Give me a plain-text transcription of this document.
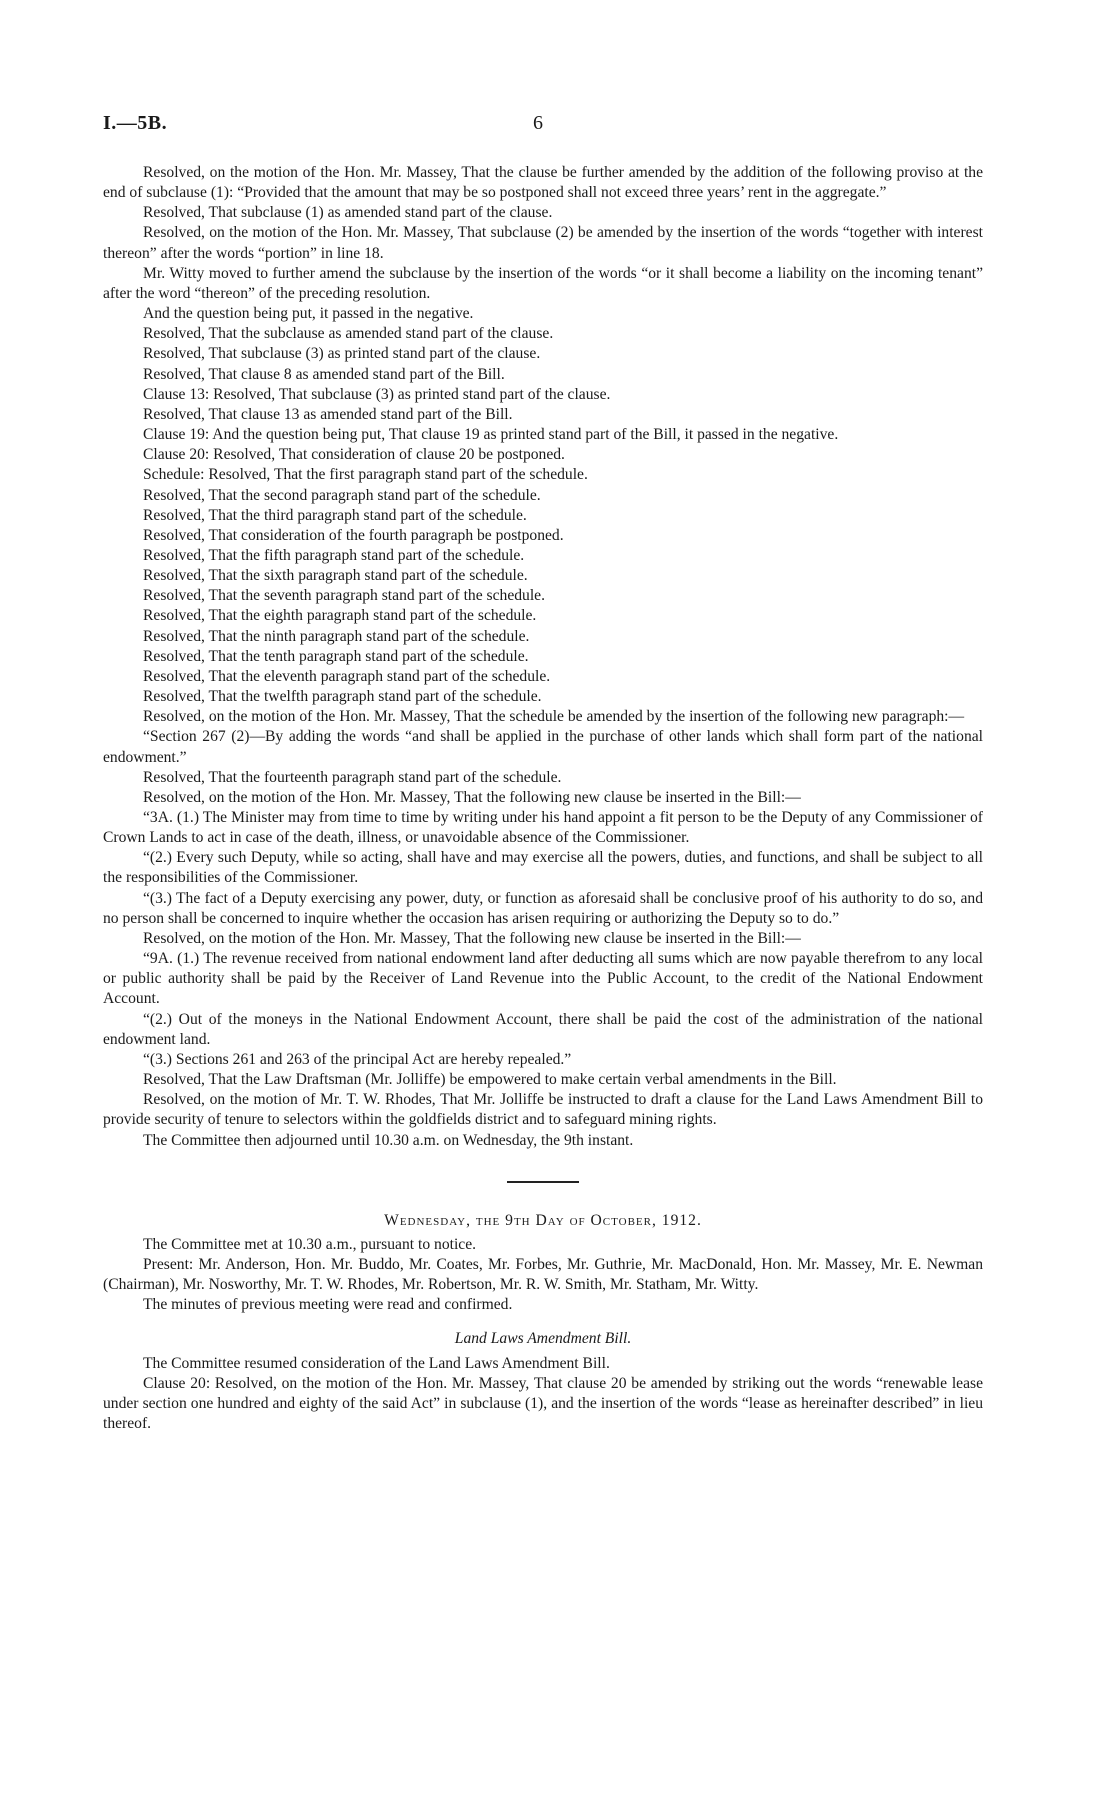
I.—5B.	6

Resolved, on the motion of the Hon. Mr. Massey, That the clause be further amended by the addition of the following proviso at the end of subclause (1): “Provided that the amount that may be so postponed shall not exceed three years’ rent in the aggregate.”

Resolved, That subclause (1) as amended stand part of the clause.

Resolved, on the motion of the Hon. Mr. Massey, That subclause (2) be amended by the insertion of the words “together with interest thereon” after the words “portion” in line 18.

Mr. Witty moved to further amend the subclause by the insertion of the words “or it shall become a liability on the incoming tenant” after the word “thereon” of the preceding resolution.

And the question being put, it passed in the negative.

Resolved, That the subclause as amended stand part of the clause.

Resolved, That subclause (3) as printed stand part of the clause.

Resolved, That clause 8 as amended stand part of the Bill.

Clause 13: Resolved, That subclause (3) as printed stand part of the clause.

Resolved, That clause 13 as amended stand part of the Bill.

Clause 19: And the question being put, That clause 19 as printed stand part of the Bill, it passed in the negative.

Clause 20: Resolved, That consideration of clause 20 be postponed.

Schedule: Resolved, That the first paragraph stand part of the schedule.

Resolved, That the second paragraph stand part of the schedule.

Resolved, That the third paragraph stand part of the schedule.

Resolved, That consideration of the fourth paragraph be postponed.

Resolved, That the fifth paragraph stand part of the schedule.

Resolved, That the sixth paragraph stand part of the schedule.

Resolved, That the seventh paragraph stand part of the schedule.

Resolved, That the eighth paragraph stand part of the schedule.

Resolved, That the ninth paragraph stand part of the schedule.

Resolved, That the tenth paragraph stand part of the schedule.

Resolved, That the eleventh paragraph stand part of the schedule.

Resolved, That the twelfth paragraph stand part of the schedule.

Resolved, on the motion of the Hon. Mr. Massey, That the schedule be amended by the insertion of the following new paragraph:—

“Section 267 (2)—By adding the words “and shall be applied in the purchase of other lands which shall form part of the national endowment.”

Resolved, That the fourteenth paragraph stand part of the schedule.

Resolved, on the motion of the Hon. Mr. Massey, That the following new clause be inserted in the Bill:—

“3A. (1.) The Minister may from time to time by writing under his hand appoint a fit person to be the Deputy of any Commissioner of Crown Lands to act in case of the death, illness, or unavoidable absence of the Commissioner.

“(2.) Every such Deputy, while so acting, shall have and may exercise all the powers, duties, and functions, and shall be subject to all the responsibilities of the Commissioner.

“(3.) The fact of a Deputy exercising any power, duty, or function as aforesaid shall be conclusive proof of his authority to do so, and no person shall be concerned to inquire whether the occasion has arisen requiring or authorizing the Deputy so to do.”

Resolved, on the motion of the Hon. Mr. Massey, That the following new clause be inserted in the Bill:—

“9A. (1.) The revenue received from national endowment land after deducting all sums which are now payable therefrom to any local or public authority shall be paid by the Receiver of Land Revenue into the Public Account, to the credit of the National Endowment Account.

“(2.) Out of the moneys in the National Endowment Account, there shall be paid the cost of the administration of the national endowment land.

“(3.) Sections 261 and 263 of the principal Act are hereby repealed.”

Resolved, That the Law Draftsman (Mr. Jolliffe) be empowered to make certain verbal amendments in the Bill.

Resolved, on the motion of Mr. T. W. Rhodes, That Mr. Jolliffe be instructed to draft a clause for the Land Laws Amendment Bill to provide security of tenure to selectors within the goldfields district and to safeguard mining rights.

The Committee then adjourned until 10.30 a.m. on Wednesday, the 9th instant.

Wednesday, the 9th Day of October, 1912.

The Committee met at 10.30 a.m., pursuant to notice.

Present: Mr. Anderson, Hon. Mr. Buddo, Mr. Coates, Mr. Forbes, Mr. Guthrie, Mr. MacDonald, Hon. Mr. Massey, Mr. E. Newman (Chairman), Mr. Nosworthy, Mr. T. W. Rhodes, Mr. Robertson, Mr. R. W. Smith, Mr. Statham, Mr. Witty.

The minutes of previous meeting were read and confirmed.

Land Laws Amendment Bill.

The Committee resumed consideration of the Land Laws Amendment Bill.

Clause 20: Resolved, on the motion of the Hon. Mr. Massey, That clause 20 be amended by striking out the words “renewable lease under section one hundred and eighty of the said Act” in subclause (1), and the insertion of the words “lease as hereinafter described” in lieu thereof.
